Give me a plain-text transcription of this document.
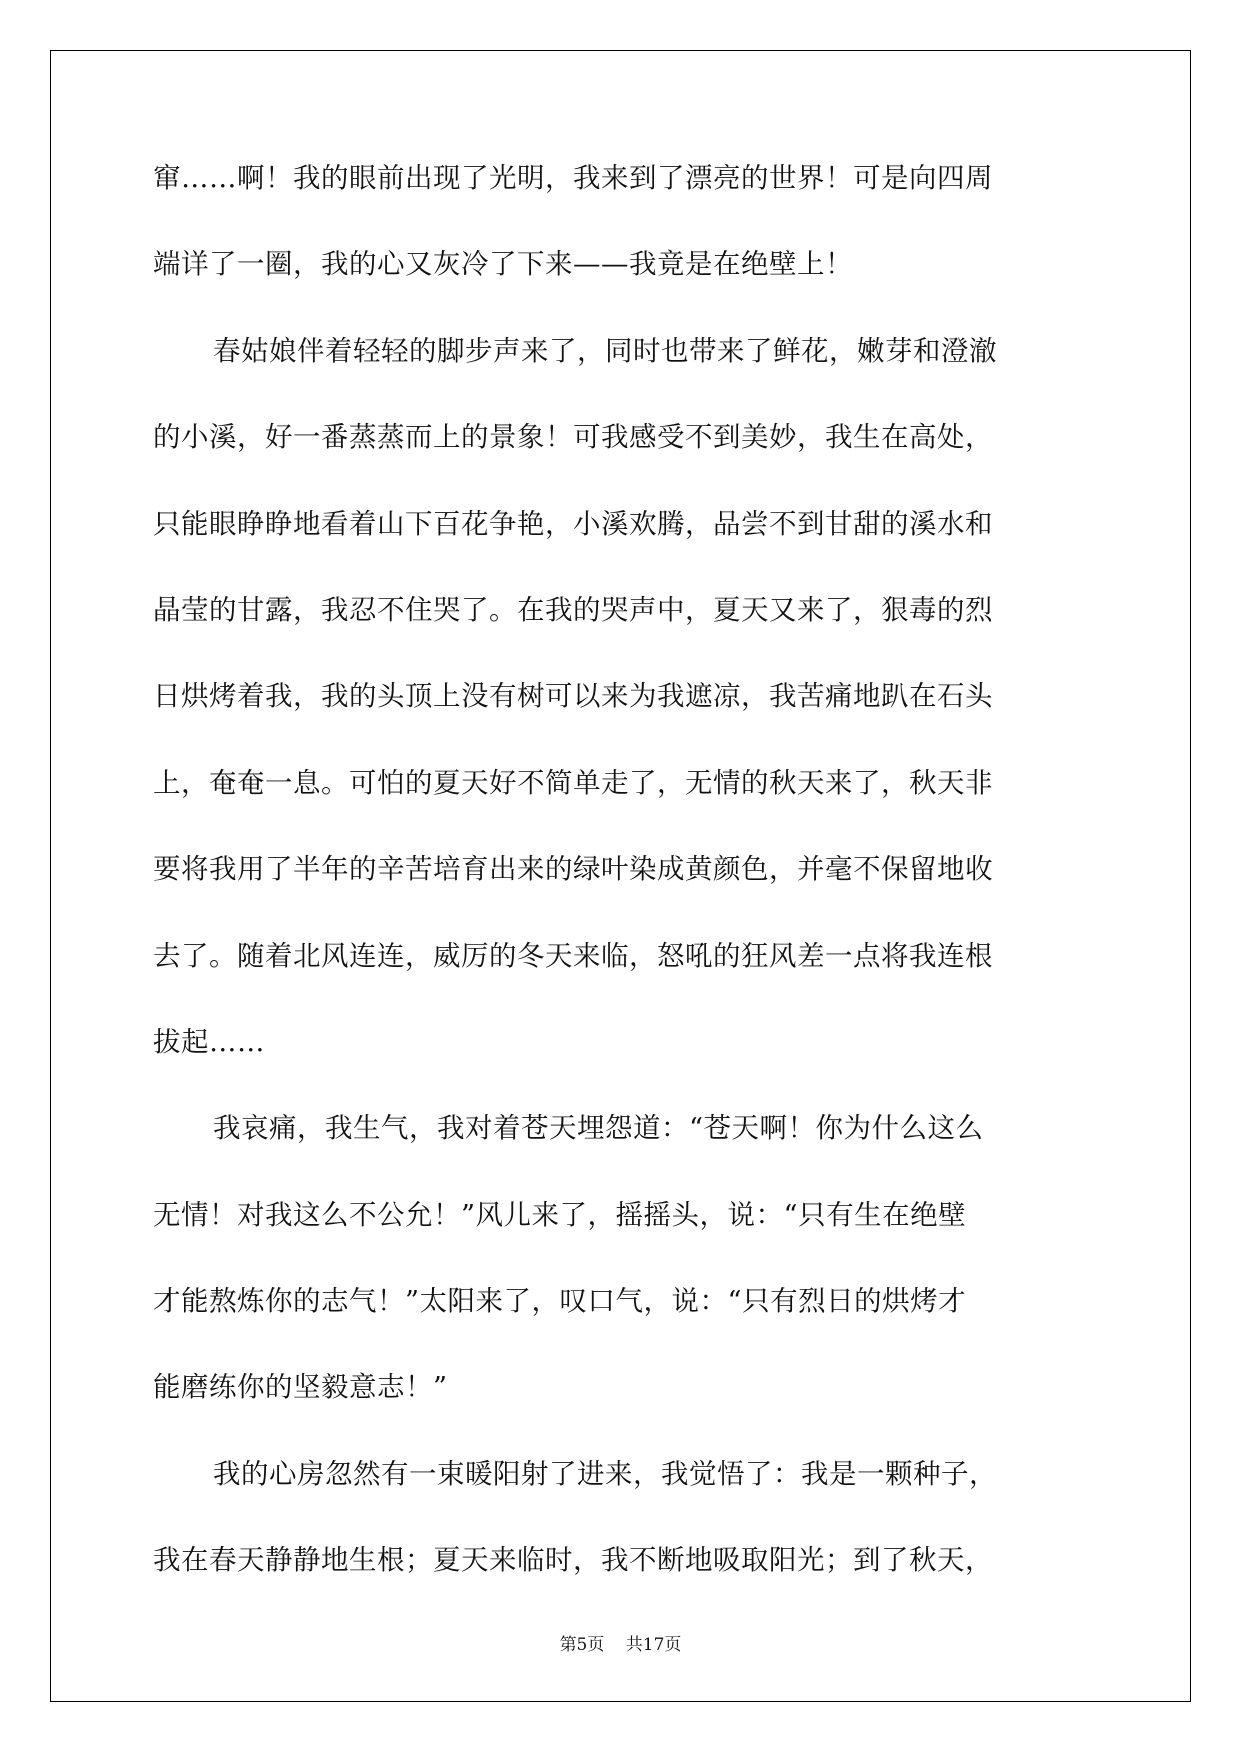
窜……啊！我的眼前出现了光明，我来到了漂亮的世界！可是向四周
端详了一圈，我的心又灰冷了下来——我竟是在绝壁上！
春姑娘伴着轻轻的脚步声来了，同时也带来了鲜花，嫩芽和澄澈
的小溪，好一番蒸蒸而上的景象！可我感受不到美妙，我生在高处，
只能眼睁睁地看着山下百花争艳，小溪欢腾，品尝不到甘甜的溪水和
晶莹的甘露，我忍不住哭了。在我的哭声中，夏天又来了，狠毒的烈
日烘烤着我，我的头顶上没有树可以来为我遮凉，我苦痛地趴在石头
上，奄奄一息。可怕的夏天好不简单走了，无情的秋天来了，秋天非
要将我用了半年的辛苦培育出来的绿叶染成黄颜色，并毫不保留地收
去了。随着北风连连，威厉的冬天来临，怒吼的狂风差一点将我连根
拔起……
我哀痛，我生气，我对着苍天埋怨道：“苍天啊！你为什么这么
无情！对我这么不公允！”风儿来了，摇摇头，说：“只有生在绝壁
才能熬炼你的志气！”太阳来了，叹口气，说：“只有烈日的烘烤才
能磨练你的坚毅意志！”
我的心房忽然有一束暖阳射了进来，我觉悟了：我是一颗种子，
我在春天静静地生根；夏天来临时，我不断地吸取阳光；到了秋天，
第5页 共17页
